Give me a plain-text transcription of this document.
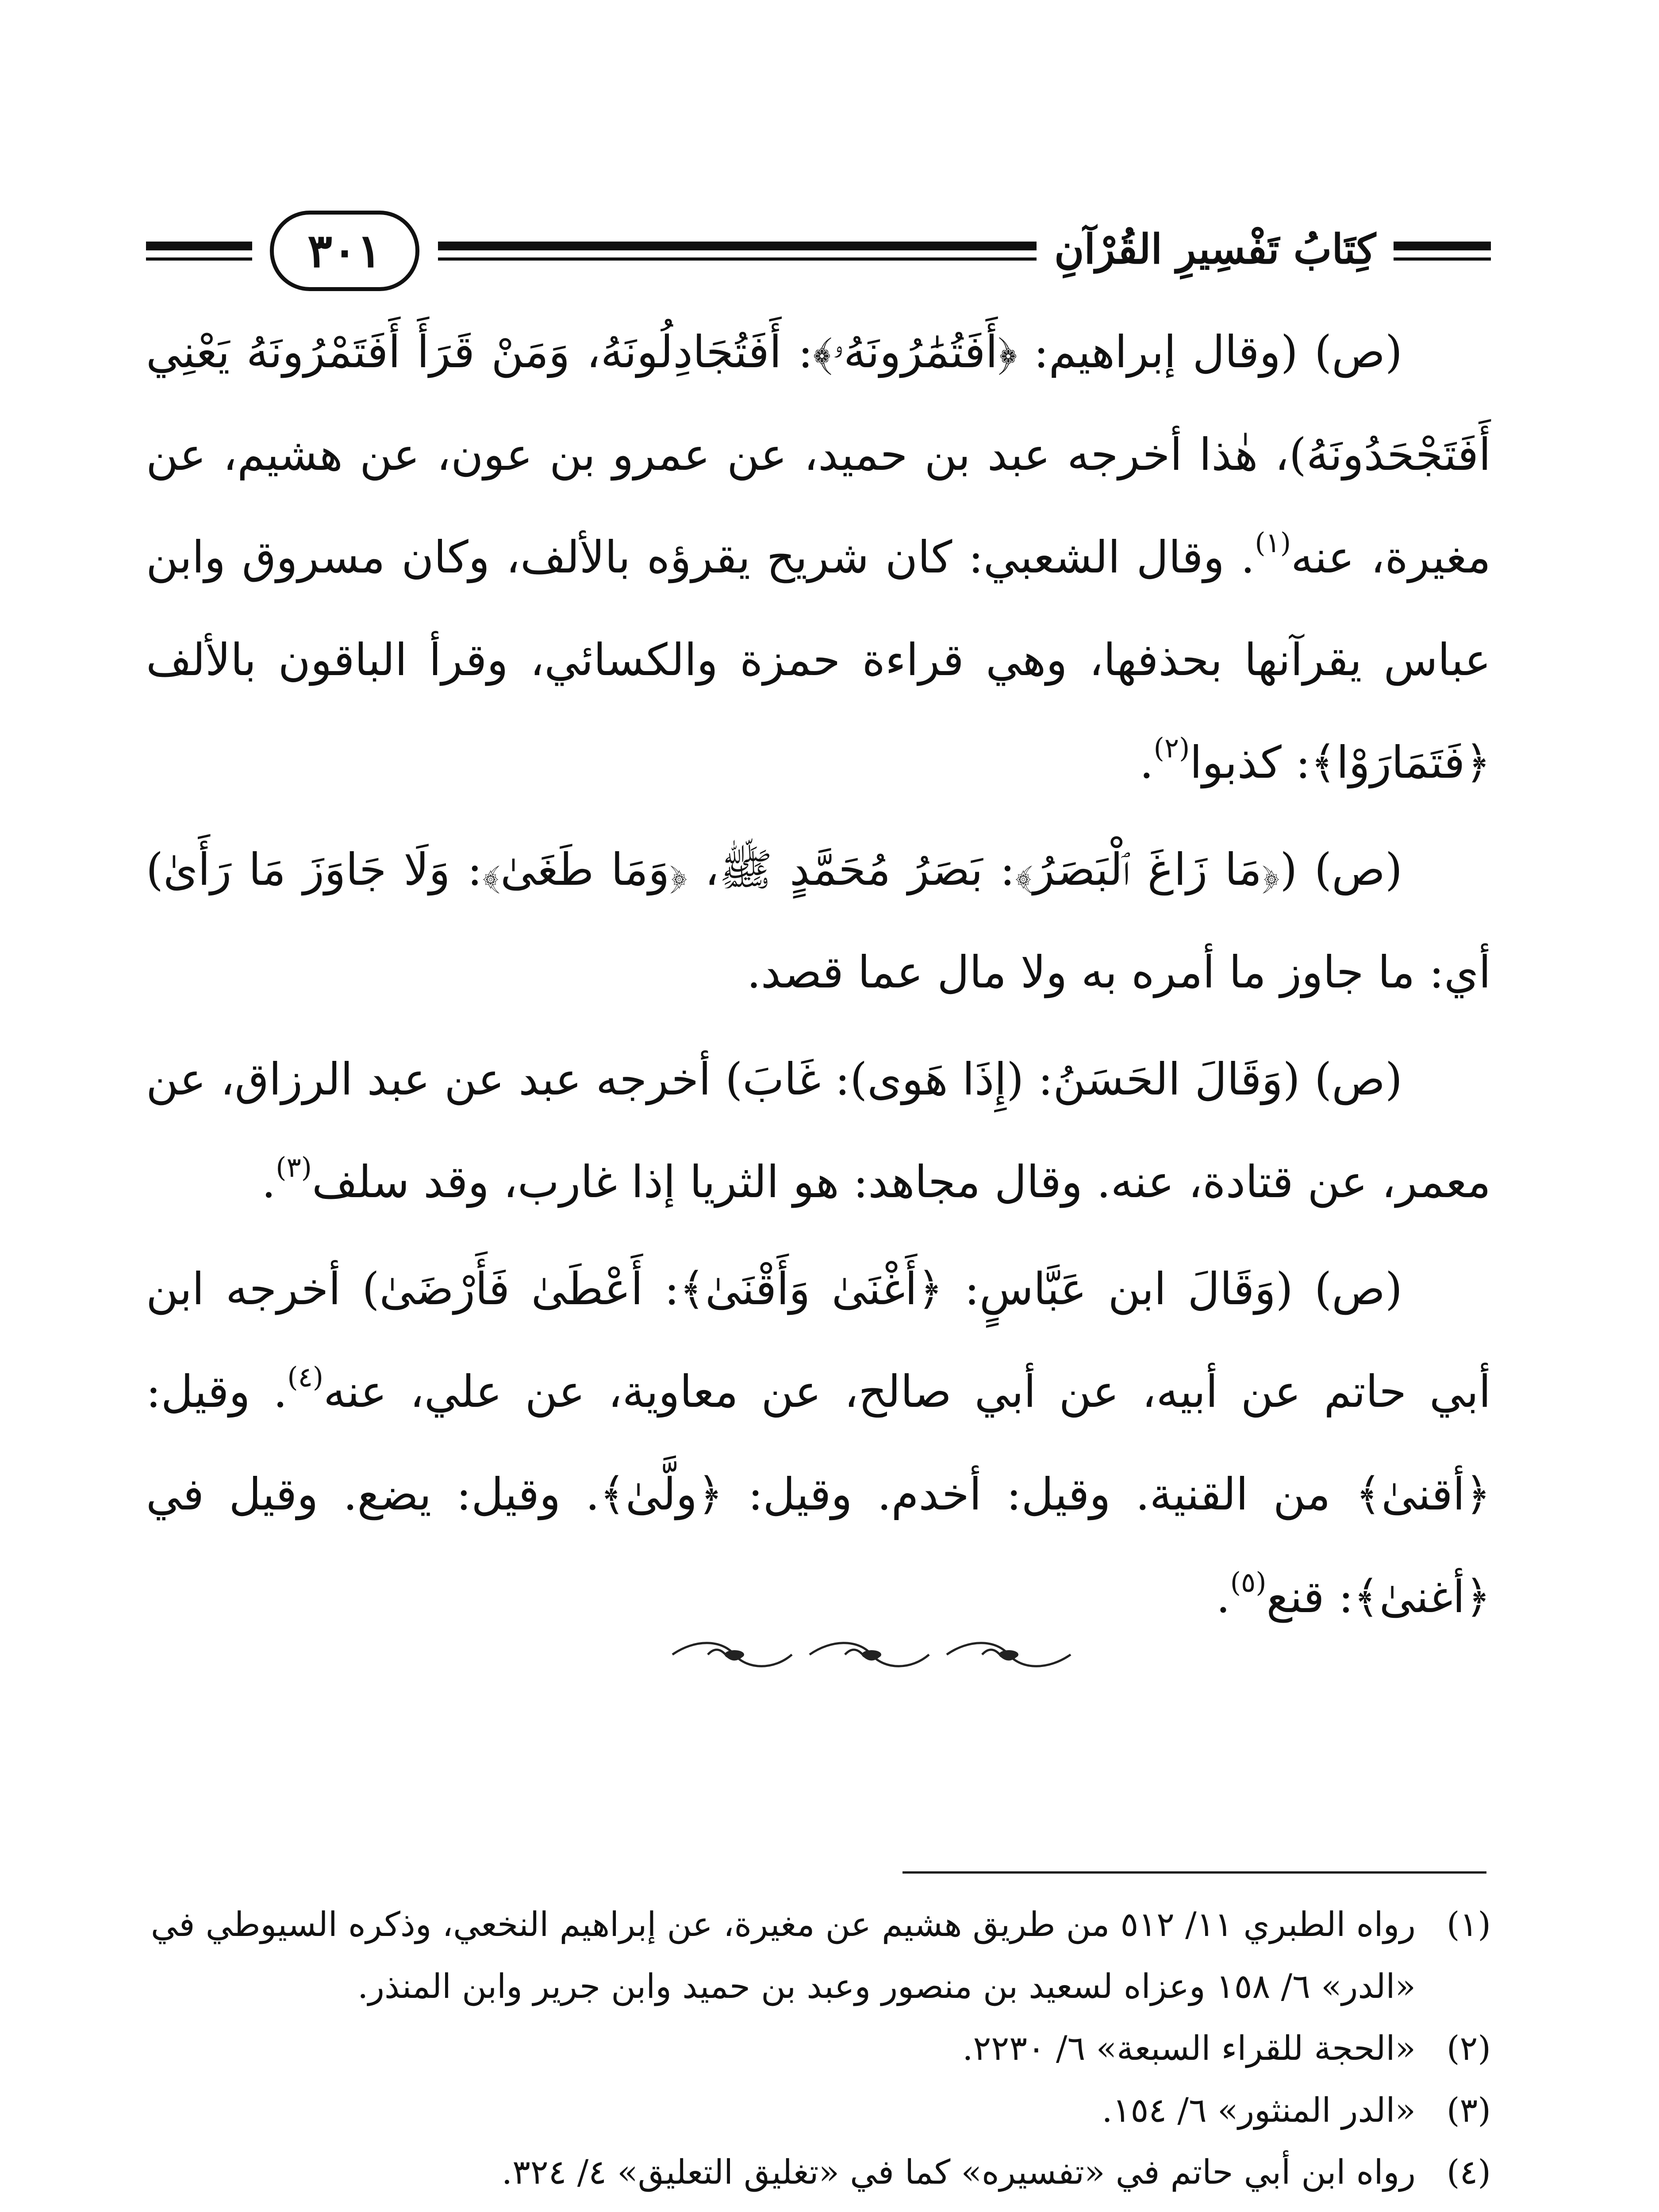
كِتَابُ تَفْسِيرِ القُرْآنِ
٣٠١

(ص) (وقال إبراهيم: ﴿أَفَتُمَٰرُونَهُۥ﴾: أَفَتُجَادِلُونَهُ، وَمَنْ قَرَأَ أَفَتَمْرُونَهُ يَعْنِي أَفَتَجْحَدُونَهُ)، هٰذا أخرجه عبد بن حميد، عن عمرو بن عون، عن هشيم، عن مغيرة، عنه$^{(١)}$. وقال الشعبي: كان شريح يقرؤه بالألف، وكان مسروق وابن عباس يقرآنها بحذفها، وهي قراءة حمزة والكسائي، وقرأ الباقون بالألف ﴿فَتَمَارَوْا﴾: كذبوا$^{(٢)}$.

(ص) (﴿مَا زَاغَ ٱلْبَصَرُ﴾: بَصَرُ مُحَمَّدٍ ﷺ، ﴿وَمَا طَغَىٰ﴾: وَلَا جَاوَزَ مَا رَأَىٰ) أي: ما جاوز ما أمره به ولا مال عما قصد.

(ص) (وَقَالَ الحَسَنُ: (إِذَا هَوى): غَابَ) أخرجه عبد عن عبد الرزاق، عن معمر، عن قتادة، عنه. وقال مجاهد: هو الثريا إذا غارب، وقد سلف$^{(٣)}$.

(ص) (وَقَالَ ابن عَبَّاسٍ: ﴿أَغْنَىٰ وَأَقْنَىٰ﴾: أَعْطَىٰ فَأَرْضَىٰ) أخرجه ابن أبي حاتم عن أبيه، عن أبي صالح، عن معاوية، عن علي، عنه$^{(٤)}$. وقيل: ﴿أقنىٰ﴾ من القنية. وقيل: أخدم. وقيل: ﴿ولَّىٰ﴾. وقيل: يضع. وقيل في ﴿أغنىٰ﴾: قنع$^{(٥)}$.

(١)
رواه الطبري ١١/ ٥١٢ من طريق هشيم عن مغيرة، عن إبراهيم النخعي، وذكره السيوطي في «الدر» ٦/ ١٥٨ وعزاه لسعيد بن منصور وعبد بن حميد وابن جرير وابن المنذر.
(٢)
«الحجة للقراء السبعة» ٦/ ٢٢٣٠.
(٣)
«الدر المنثور» ٦/ ١٥٤.
(٤)
رواه ابن أبي حاتم في «تفسيره» كما في «تغليق التعليق» ٤/ ٣٢٤.
